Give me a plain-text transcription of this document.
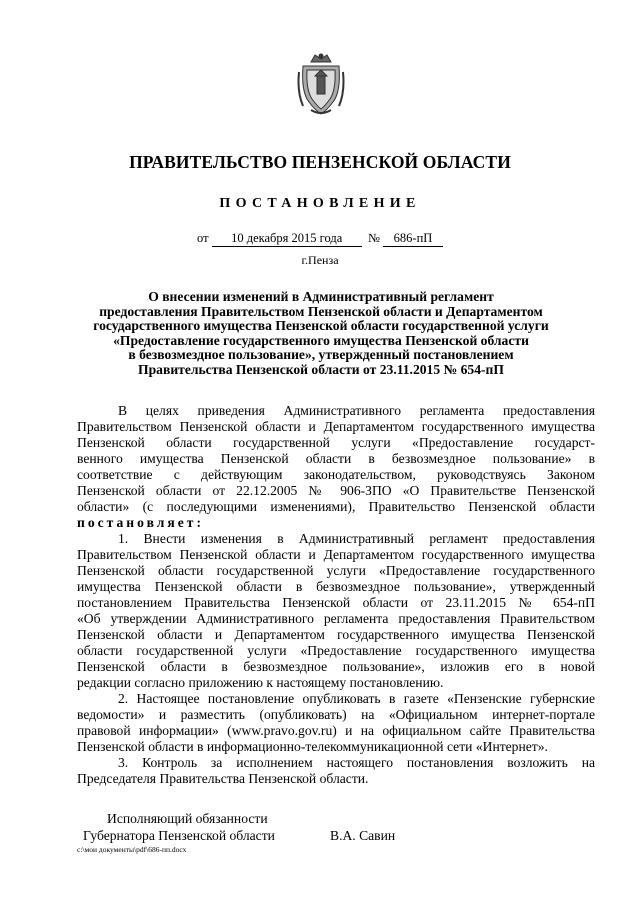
ПРАВИТЕЛЬСТВО ПЕНЗЕНСКОЙ ОБЛАСТИ
ПОСТАНОВЛЕНИЕ
от 10 декабря 2015 года № 686-пП
г.Пенза
О внесении изменений в Административный регламент
предоставления Правительством Пензенской области и Департаментом
государственного имущества Пензенской области государственной услуги
«Предоставление государственного имущества Пензенской области
в безвозмездное пользование», утвержденный постановлением
Правительства Пензенской области от 23.11.2015 № 654-пП
В целях приведения Административного регламента предоставления
Правительством Пензенской области и Департаментом государственного имущества
Пензенской области государственной услуги «Предоставление государст-
венного имущества Пензенской области в безвозмездное пользование» в
соответствие с действующим законодательством, руководствуясь Законом
Пензенской области от 22.12.2005 № 906-ЗПО «О Правительстве Пензенской
области» (с последующими изменениями), Правительство Пензенской области
постановляет:
1. Внести изменения в Административный регламент предоставления
Правительством Пензенской области и Департаментом государственного имущества
Пензенской области государственной услуги «Предоставление государственного
имущества Пензенской области в безвозмездное пользование», утвержденный
постановлением Правительства Пензенской области от 23.11.2015 № 654-пП
«Об утверждении Административного регламента предоставления Правительством
Пензенской области и Департаментом государственного имущества Пензенской
области государственной услуги «Предоставление государственного имущества
Пензенской области в безвозмездное пользование», изложив его в новой
редакции согласно приложению к настоящему постановлению.
2. Настоящее постановление опубликовать в газете «Пензенские губернские
ведомости» и разместить (опубликовать) на «Официальном интернет-портале
правовой информации» (www.pravo.gov.ru) и на официальном сайте Правительства
Пензенской области в информационно-телекоммуникационной сети «Интернет».
3. Контроль за исполнением настоящего постановления возложить на
Председателя Правительства Пензенской области.
Исполняющий обязанности
Губернатора Пензенской области	В.А. Савин
c:\мои документы\pdf\686-пп.docx
